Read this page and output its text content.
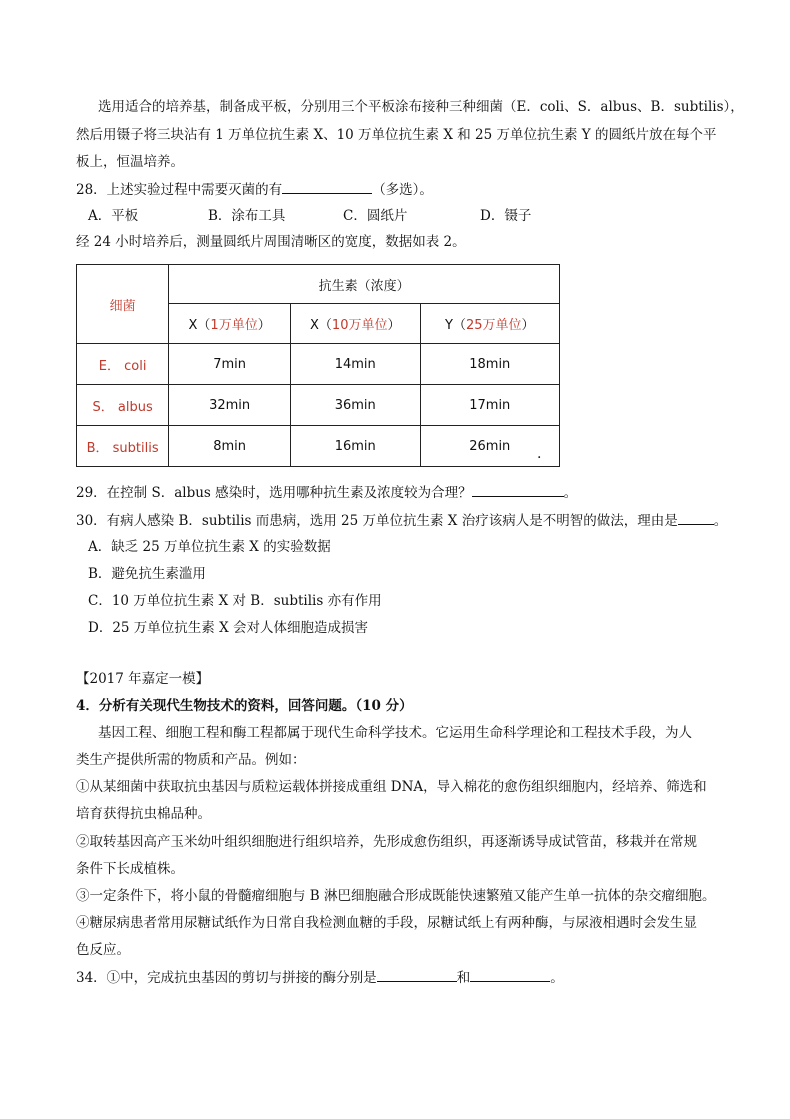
选用适合的培养基，制备成平板，分别用三个平板涂布接种三种细菌（E．coli、S．albus、B．subtilis），
然后用镊子将三块沾有 1 万单位抗生素 X、10 万单位抗生素 X 和 25 万单位抗生素 Y 的圆纸片放在每个平
板上，恒温培养。
28．上述实验过程中需要灭菌的有	（多选）。
A．平板	B．涂布工具	C．圆纸片	D．镊子
经 24 小时培养后，测量圆纸片周围清晰区的宽度，数据如表 2。
细菌	抗生素（浓度）		
	X（1万单位）	X（10万单位）	Y（25万单位）
E． coli	7min	14min	18min
S． albus	32min	36min	17min
B． subtilis	8min	16min	26min .
29．在控制 S．albus 感染时，选用哪种抗生素及浓度较为合理？	。
30．有病人感染 B．subtilis 而患病，选用 25 万单位抗生素 X 治疗该病人是不明智的做法，理由是	。
A．缺乏 25 万单位抗生素 X 的实验数据
B．避免抗生素滥用
C．10 万单位抗生素 X 对 B．subtilis 亦有作用
D．25 万单位抗生素 X 会对人体细胞造成损害
【2017 年嘉定一模】
4．分析有关现代生物技术的资料，回答问题。（10 分）
基因工程、细胞工程和酶工程都属于现代生命科学技术。它运用生命科学理论和工程技术手段，为人
类生产提供所需的物质和产品。例如：
①从某细菌中获取抗虫基因与质粒运载体拼接成重组 DNA，导入棉花的愈伤组织细胞内，经培养、筛选和
培育获得抗虫棉品种。
②取转基因高产玉米幼叶组织细胞进行组织培养，先形成愈伤组织，再逐渐诱导成试管苗，移栽并在常规
条件下长成植株。
③一定条件下，将小鼠的骨髓瘤细胞与 B 淋巴细胞融合形成既能快速繁殖又能产生单一抗体的杂交瘤细胞。
④糖尿病患者常用尿糖试纸作为日常自我检测血糖的手段，尿糖试纸上有两种酶，与尿液相遇时会发生显
色反应。
34．①中，完成抗虫基因的剪切与拼接的酶分别是	和	。
